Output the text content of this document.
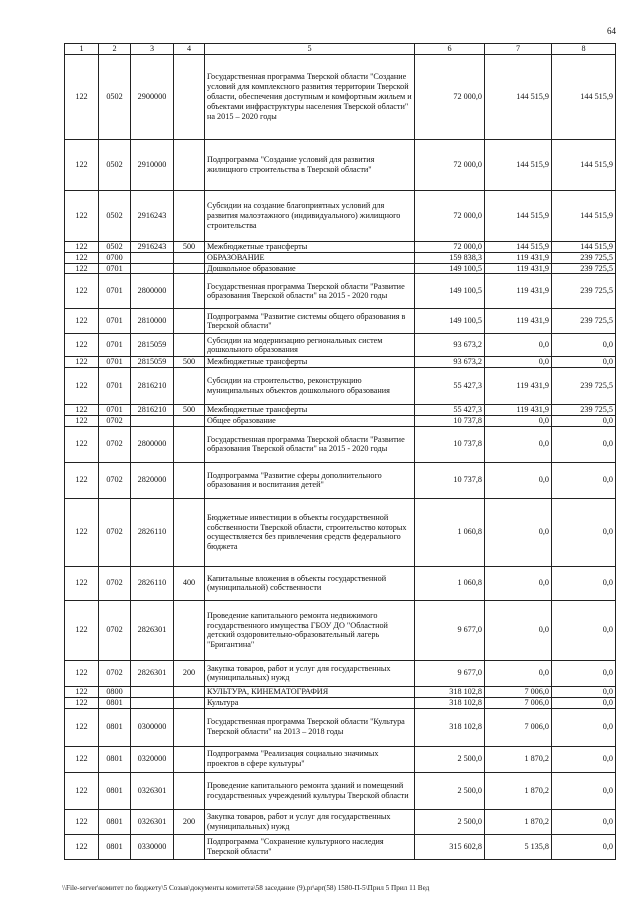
64
1	2	3	4	5	6	7	8
122	0502	2900000		Государственная программа Тверской области "Создание условий для комплексного развития территории Тверской области, обеспечения доступным и комфортным жильем и объектами инфраструктуры населения Тверской области" на 2015 – 2020 годы	72 000,0	144 515,9	144 515,9
122	0502	2910000		Подпрограмма "Создание условий для развития жилищного строительства в Тверской области"	72 000,0	144 515,9	144 515,9
122	0502	2916243		Субсидии на создание благоприятных условий для развития малоэтажного (индивидуального) жилищного строительства	72 000,0	144 515,9	144 515,9
122	0502	2916243	500	Межбюджетные трансферты	72 000,0	144 515,9	144 515,9
122	0700			ОБРАЗОВАНИЕ	159 838,3	119 431,9	239 725,5
122	0701			Дошкольное образование	149 100,5	119 431,9	239 725,5
122	0701	2800000		Государственная программа Тверской области "Развитие образования Тверской области" на 2015 - 2020 годы	149 100,5	119 431,9	239 725,5
122	0701	2810000		Подпрограмма "Развитие системы общего образования в Тверской области"	149 100,5	119 431,9	239 725,5
122	0701	2815059		Субсидии на модернизацию региональных систем дошкольного образования	93 673,2	0,0	0,0
122	0701	2815059	500	Межбюджетные трансферты	93 673,2	0,0	0,0
122	0701	2816210		Субсидии на строительство, реконструкцию муниципальных объектов дошкольного образования	55 427,3	119 431,9	239 725,5
122	0701	2816210	500	Межбюджетные трансферты	55 427,3	119 431,9	239 725,5
122	0702			Общее образование	10 737,8	0,0	0,0
122	0702	2800000		Государственная программа Тверской области "Развитие образования Тверской области" на 2015 - 2020 годы	10 737,8	0,0	0,0
122	0702	2820000		Подпрограмма "Развитие сферы дополнительного образования и воспитания детей"	10 737,8	0,0	0,0
122	0702	2826110		Бюджетные инвестиции в объекты государственной собственности Тверской области, строительство которых осуществляется без привлечения средств федерального бюджета	1 060,8	0,0	0,0
122	0702	2826110	400	Капитальные вложения в объекты государственной (муниципальной) собственности	1 060,8	0,0	0,0
122	0702	2826301		Проведение капитального ремонта недвижимого государственного имущества ГБОУ ДО "Областной детский оздоровительно-образовательный лагерь "Бригантина"	9 677,0	0,0	0,0
122	0702	2826301	200	Закупка товаров, работ и услуг для государственных (муниципальных) нужд	9 677,0	0,0	0,0
122	0800			КУЛЬТУРА, КИНЕМАТОГРАФИЯ	318 102,8	7 006,0	0,0
122	0801			Культура	318 102,8	7 006,0	0,0
122	0801	0300000		Государственная программа Тверской области "Культура Тверской области" на 2013 – 2018 годы	318 102,8	7 006,0	0,0
122	0801	0320000		Подпрограмма "Реализация социально значимых проектов в сфере культуры"	2 500,0	1 870,2	0,0
122	0801	0326301		Проведение капитального ремонта зданий и помещений государственных учреждений культуры Тверской области	2 500,0	1 870,2	0,0
122	0801	0326301	200	Закупка товаров, работ и услуг для государственных (муниципальных) нужд	2 500,0	1 870,2	0,0
122	0801	0330000		Подпрограмма "Сохранение культурного наследия Тверской области"	315 602,8	5 135,8	0,0
\\File-server\комитет по бюджету\5 Созыв\документы комитета\58 заседание (9).pr\apr(58) 1580-П-5\Прил 5 Прил 11 Вед
